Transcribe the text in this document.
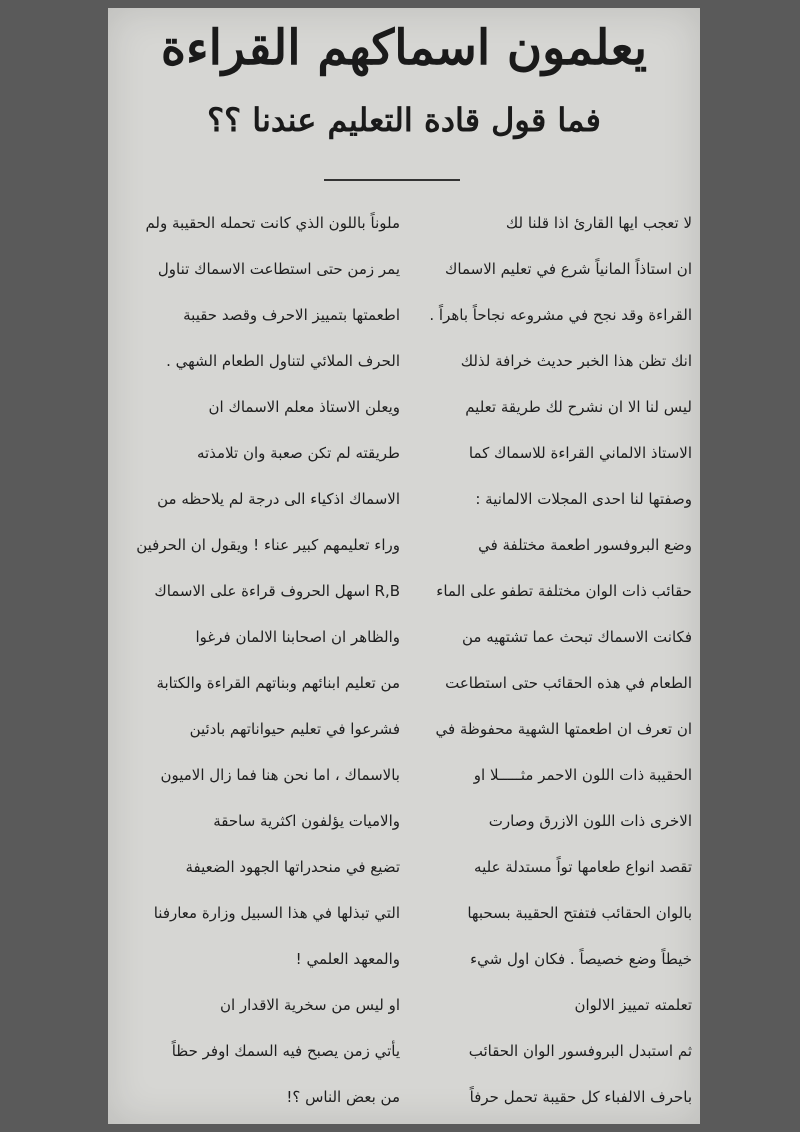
يعلمون اسماكهم القراءة
فما قول قادة التعليم عندنا ؟؟
لا تعجب ايها القارئ اذا قلنا لك
ان استاذاً المانياً شرع في تعليم الاسماك
القراءة وقد نجح في مشروعه نجاحاً باهراً .
انك تظن هذا الخبر حديث خرافة لذلك
ليس لنا الا ان نشرح لك طريقة تعليم
الاستاذ الالماني القراءة للاسماك كما
وصفتها لنا احدى المجلات الالمانية :
وضع البروفسور اطعمة مختلفة في
حقائب ذات الوان مختلفة تطفو على الماء
فكانت الاسماك تبحث عما تشتهيه من
الطعام في هذه الحقائب حتى استطاعت
ان تعرف ان اطعمتها الشهية محفوظة في
الحقيبة ذات اللون الاحمر مثـــــلا او
الاخرى ذات اللون الازرق وصارت
تقصد انواع طعامها تواً مستدلة عليه
بالوان الحقائب فتفتح الحقيبة بسحبها
خيطاً وضع خصيصاً . فكان اول شيء
تعلمته تمييز الالوان
ثم استبدل البروفسور الوان الحقائب
باحرف الالفباء كل حقيبة تحمل حرفاً
ملوناً باللون الذي كانت تحمله الحقيبة ولم
يمر زمن حتى استطاعت الاسماك تناول
اطعمتها بتمييز الاحرف وقصد حقيبة
الحرف الملائي لتناول الطعام الشهي .
ويعلن الاستاذ معلم الاسماك ان
طريقته لم تكن صعبة وان تلامذته
الاسماك اذكياء الى درجة لم يلاحظه من
وراء تعليمهم كبير عناء ! ويقول ان الحرفين
R,B اسهل الحروف قراءة على الاسماك
والظاهر ان اصحابنا الالمان فرغوا
من تعليم ابنائهم وبناتهم القراءة والكتابة
فشرعوا في تعليم حيواناتهم بادئين
بالاسماك ، اما نحن هنا فما زال الاميون
والاميات يؤلفون اكثرية ساحقة
تضيع في منحدراتها الجهود الضعيفة
التي تبذلها في هذا السبيل وزارة معارفنا
والمعهد العلمي !
او ليس من سخرية الاقدار ان
يأتي زمن يصبح فيه السمك اوفر حظاً
من بعض الناس ؟!
